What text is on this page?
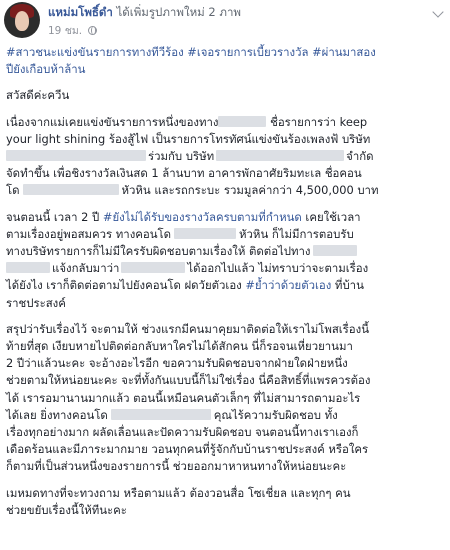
แหม่มโพธิ์ดำ ได้เพิ่มรูปภาพใหม่ 2 ภาพ
19 ชม.

#สาวชนะแข่งขันรายการทางทีวีร้อง #เจอรายการเบี้ยวรางวัล #ผ่านมาสอง
ปียังเกือบห้าล้าน

สวัสดีค่ะควีน

เนื่องจากแม่เคยแข่งขันรายการหนึ่งของทาง	ชื่อรายการว่า keep
your light shining ร้องสู้ไฟ เป็นรายการโทรทัศน์แข่งขันร้องเพลงฟ้ บริษัท
ร่วมกับ บริษัท	จำกัด
จัดทำขึ้น เพื่อชิงรางวัลเงินสด 1 ล้านบาท อาคารพักอาศัยริมทะเล ชื่อคอน
โด	หัวหิน และรถกระบะ รวมมูลค่ากว่า 4,500,000 บาท

จนตอนนี้ เวลา 2 ปี #ยังไม่ได้รับของรางวัลครบตามที่กำหนด เคยใช้เวลา
ตามเรื่องอยู่พอสมควร ทางคอนโด	หัวหิน ก็ไม่มีการตอบรับ
ทางบริษัทรายการก็ไม่มีใครรับผิดชอบตามเรื่องให้ ติดต่อไปทาง
แจ้งกลับมาว่า	ได้ออกไปแล้ว ไม่ทราบว่าจะตามเรื่อง
ได้ยังไง เราก็ติดต่อตามไปยังคอนโด ฝดวัยตัวเอง #ย้ำว่าด้วยตัวเอง ที่บ้าน
ราชประสงค์

สรุปว่ารับเรื่องไว้ จะตามให้ ช่วงแรกมีคนมาคุยมาติดต่อให้เราไม่โพสเรื่องนี้
ท้ายที่สุด เงียบหายไปติดต่อกลับหาใครไม่ได้สักคน นี่ก็รอจนเหี่ยวยานมา
2 ปีว่าแล้วนะคะ จะอ้างอะไรอีก ขอความรับผิดชอบจากฝ่ายใดฝ่ายหนึ่ง
ช่วยตามให้หน่อยนะคะ จะที่ทั้งกันแบบนี้ก็ไม่ใช่เรื่อง นี่คือสิทธิ์ที่แพรควรต้อง
ได้ เรารอมานานมากแล้ว ตอนนี้เหมือนคนตัวเล็กๆ ที่ไม่สามารถตามอะไร
ได้เลย ยิ่งทางคอนโด	คุณไร้ความรับผิดชอบ ทั้ง
เรื่องทุกอย่างมาก ผลัดเลื่อนและปัดความรับผิดชอบ จนตอนนี้ทางเราเองก็
เดือดร้อนและมีภาระมากมาย วอนทุกคนที่รู้จักกับบ้านราชประสงค์ หรือใคร
ก็ตามที่เป็นส่วนหนึ่งของรายการนี้ ช่วยออกมาหาหนทางให้หน่อยนะคะ

เมหมดทางที่จะทวงถาม หรือตามแล้ว ต้องวอนสื่อ โซเชี่ยล และทุกๆ คน
ช่วยขยับเรื่องนี้ให้ทีนะคะ
